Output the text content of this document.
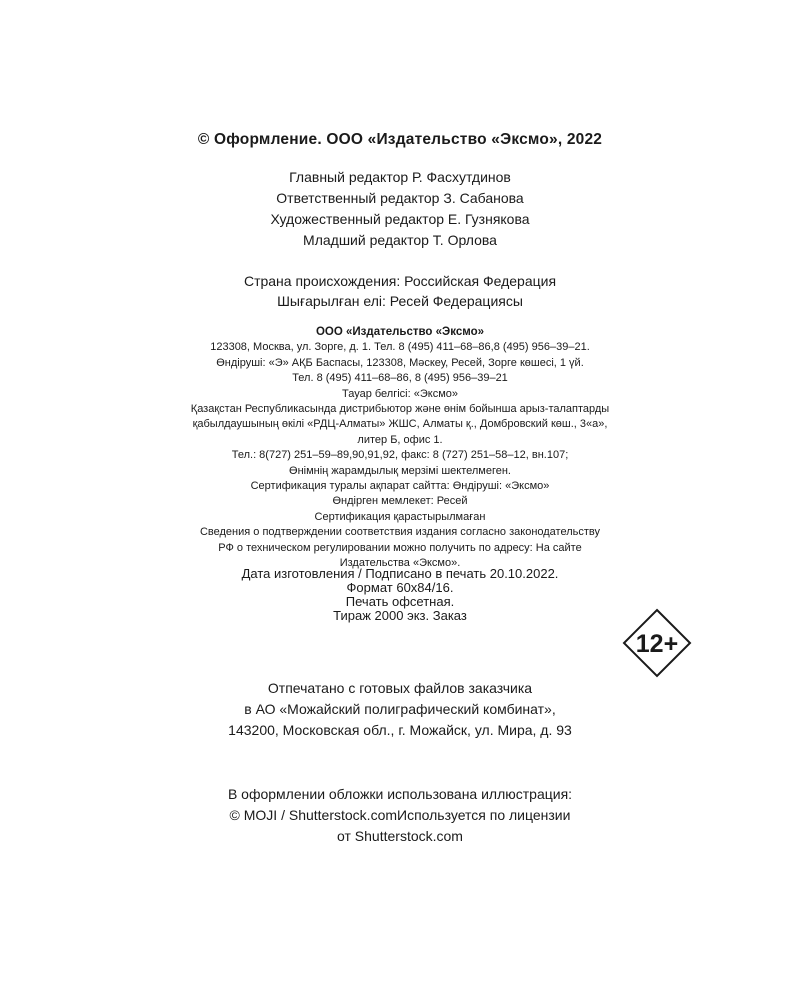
© Оформление. ООО «Издательство «Эксмо», 2022
Главный редактор Р. Фасхутдинов
Ответственный редактор З. Сабанова
Художественный редактор Е. Гузнякова
Младший редактор Т. Орлова
Страна происхождения: Российская Федерация
Шығарылған елі: Ресей Федерациясы
ООО «Издательство «Эксмо»
123308, Москва, ул. Зорге, д. 1. Тел. 8 (495) 411–68–86,8 (495) 956–39–21.
Өндіруші: «Э» АҚБ Баспасы, 123308, Мәскеу, Ресей, Зорге көшесі, 1 үй.
Тел. 8 (495) 411–68–86, 8 (495) 956–39–21
Тауар белгісі: «Эксмо»
Қазақстан Республикасында дистрибьютор және өнім бойынша арыз-талаптарды
қабылдаушының өкілі «РДЦ-Алматы» ЖШС, Алматы қ., Домбровский көш., 3«а»,
литер Б, офис 1.
Тел.: 8(727) 251–59–89,90,91,92, факс: 8 (727) 251–58–12, вн.107;
Өнімнің жарамдылық мерзімі шектелмеген.
Сертификация туралы ақпарат сайтта: Өндіруші: «Эксмо»
Өндірген мемлекет: Ресей
Сертификация қарастырылмаған
Сведения о подтверждении соответствия издания согласно законодательству
РФ о техническом регулировании можно получить по адресу: На сайте
Издательства «Эксмо».
Дата изготовления / Подписано в печать 20.10.2022.
Формат 60x84/16.
Печать офсетная.
Тираж 2000 экз. Заказ
12+
Отпечатано с готовых файлов заказчика
в АО «Можайский полиграфический комбинат»,
143200, Московская обл., г. Можайск, ул. Мира, д. 93
В оформлении обложки использована иллюстрация:
© MOJI / Shutterstock.comИспользуется по лицензии
от Shutterstock.com
